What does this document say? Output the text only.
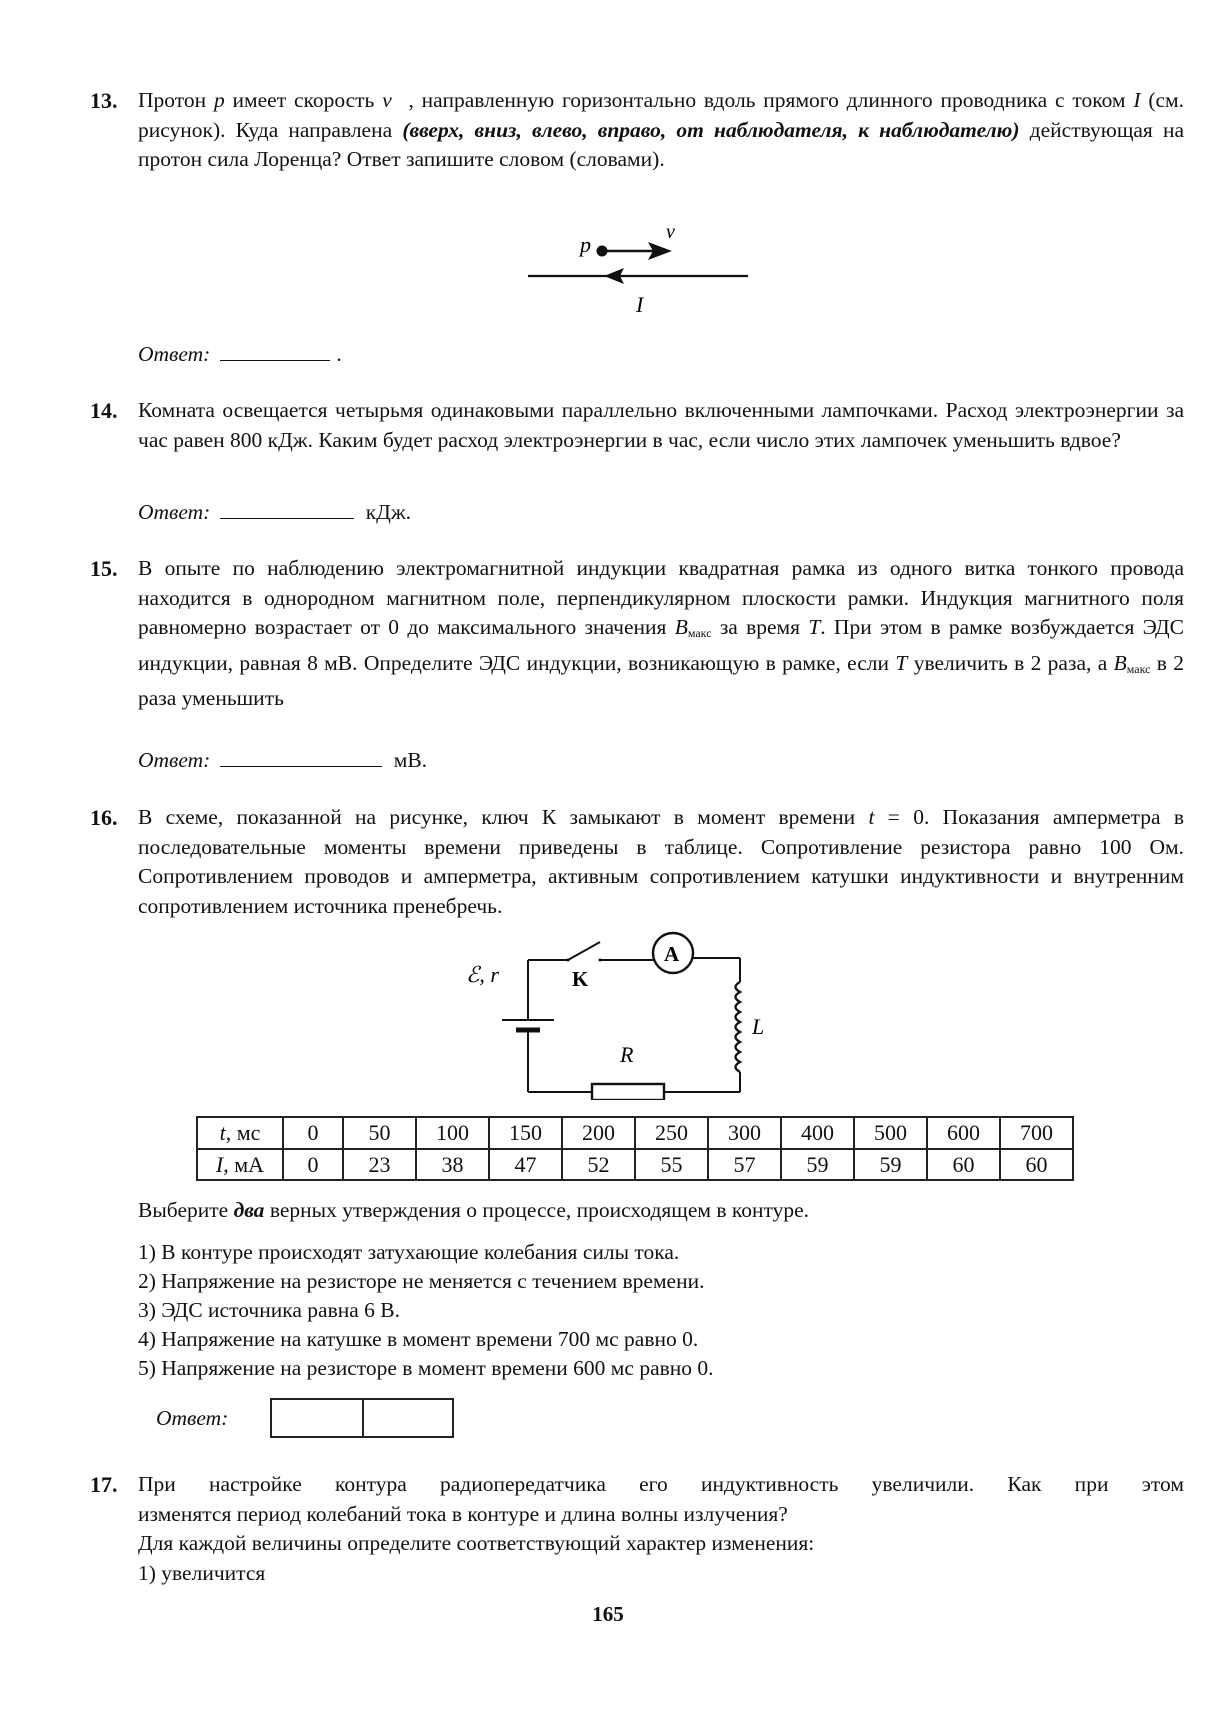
13. Протон p имеет скорость v⃗, направленную горизонтально вдоль прямого длинного проводника с током I (см. рисунок). Куда направлена (вверх, вниз, влево, вправо, от наблюдателя, к наблюдателю) действующая на протон сила Лоренца? Ответ запишите словом (словами).

p	v⃗
I
Ответ:	.
14. Комната освещается четырьмя одинаковыми параллельно включенными лампочками. Расход электроэнергии за час равен 800 кДж. Каким будет расход электроэнергии в час, если число этих лампочек уменьшить вдвое?

Ответ:	кДж.
15. В опыте по наблюдению электромагнитной индукции квадратная рамка из одного витка тонкого провода находится в однородном магнитном поле, перпендикулярном плоскости рамки. Индукция магнитного поля равномерно возрастает от 0 до максимального значения $B_{макс}$ за время T. При этом в рамке возбуждается ЭДС индукции, равная 8 мВ. Определите ЭДС индукции, возникающую в рамке, если T увеличить в 2 раза, а $B_{макс}$ в 2 раза уменьшить

Ответ:	мВ.
16. В схеме, показанной на рисунке, ключ К замыкают в момент времени t = 0. Показания амперметра в последовательные моменты времени приведены в таблице. Сопротивление резистора равно 100 Ом. Сопротивлением проводов и амперметра, активным сопротивлением катушки индуктивности и внутренним сопротивлением источника пренебречь.

ℰ, r	K
A
L
R
t, мс	0	50	100	150	200	250	300	400	500	600	700
I, мА	0	23	38	47	52	55	57	59	59	60	60

Выберите два верных утверждения о процессе, происходящем в контуре.

1) В контуре происходят затухающие колебания силы тока.
2) Напряжение на резисторе не меняется с течением времени.
3) ЭДС источника равна 6 В.
4) Напряжение на катушке в момент времени 700 мс равно 0.
5) Напряжение на резисторе в момент времени 600 мс равно 0.
Ответ:
17. При настройке контура радиопередатчика его индуктивность увеличили. Как при этом

изменятся период колебаний тока в контуре и длина волны излучения?

Для каждой величины определите соответствующий характер изменения:

1) увеличится

165
